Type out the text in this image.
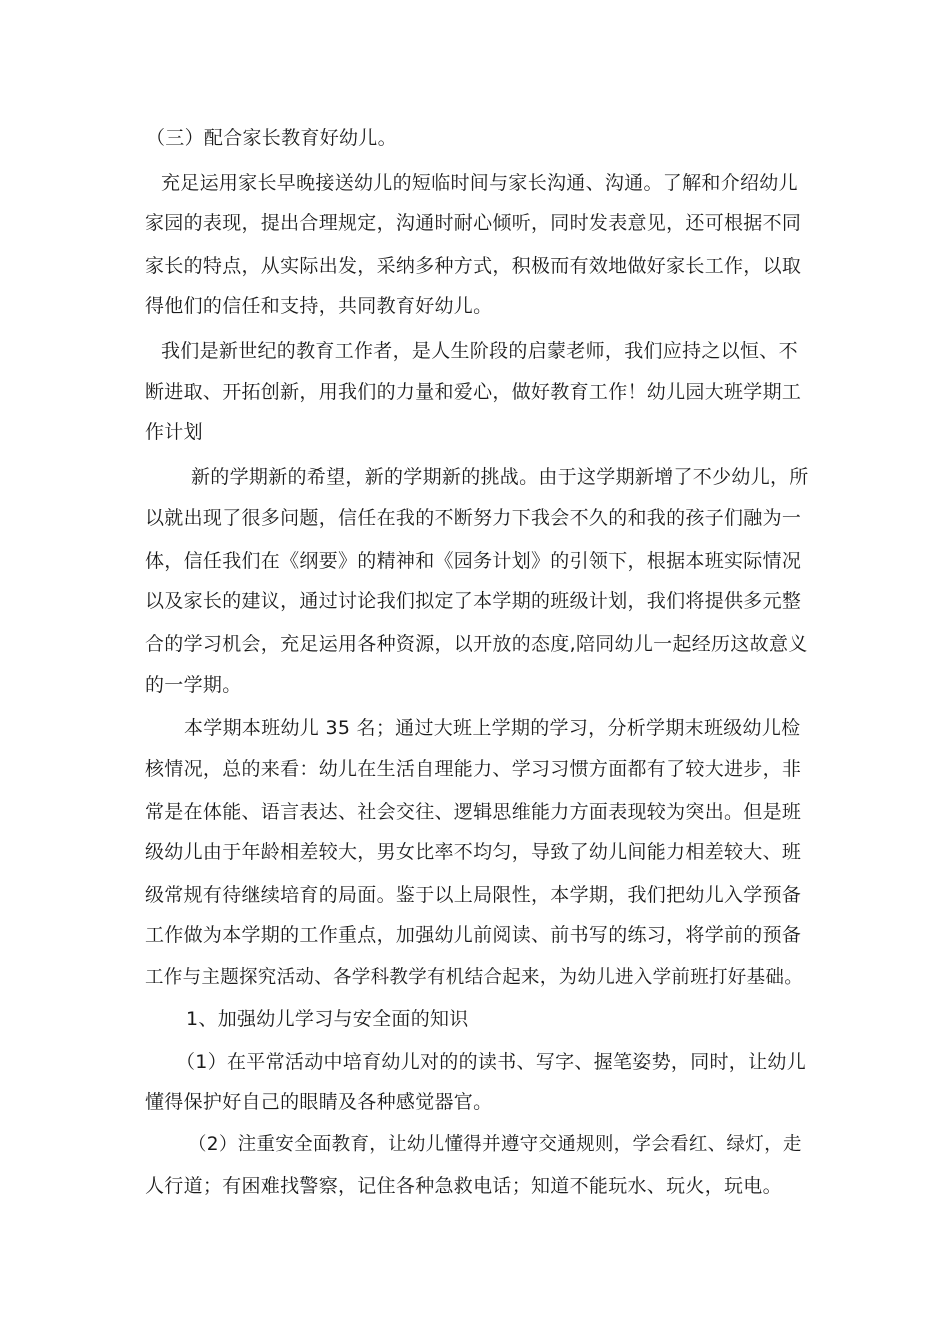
（三）配合家长教育好幼儿。
充足运用家长早晚接送幼儿的短临时间与家长沟通、沟通。了解和介绍幼儿
家园的表现，提出合理规定，沟通时耐心倾听，同时发表意见，还可根据不同
家长的特点，从实际出发，采纳多种方式，积极而有效地做好家长工作，以取
得他们的信任和支持，共同教育好幼儿。
我们是新世纪的教育工作者，是人生阶段的启蒙老师，我们应持之以恒、不
断进取、开拓创新，用我们的力量和爱心，做好教育工作！幼儿园大班学期工
作计划
新的学期新的希望，新的学期新的挑战。由于这学期新增了不少幼儿，所
以就出现了很多问题，信任在我的不断努力下我会不久的和我的孩子们融为一
体，信任我们在《纲要》的精神和《园务计划》的引领下，根据本班实际情况
以及家长的建议，通过讨论我们拟定了本学期的班级计划，我们将提供多元整
合的学习机会，充足运用各种资源，以开放的态度,陪同幼儿一起经历这故意义
的一学期。
本学期本班幼儿 35 名；通过大班上学期的学习，分析学期末班级幼儿检
核情况，总的来看：幼儿在生活自理能力、学习习惯方面都有了较大进步，非
常是在体能、语言表达、社会交往、逻辑思维能力方面表现较为突出。但是班
级幼儿由于年龄相差较大，男女比率不均匀，导致了幼儿间能力相差较大、班
级常规有待继续培育的局面。鉴于以上局限性，本学期，我们把幼儿入学预备
工作做为本学期的工作重点，加强幼儿前阅读、前书写的练习，将学前的预备
工作与主题探究活动、各学科教学有机结合起来，为幼儿进入学前班打好基础。
1、加强幼儿学习与安全面的知识
（1）在平常活动中培育幼儿对的的读书、写字、握笔姿势，同时，让幼儿
懂得保护好自己的眼睛及各种感觉器官。
（2）注重安全面教育，让幼儿懂得并遵守交通规则，学会看红、绿灯，走
人行道；有困难找警察，记住各种急救电话；知道不能玩水、玩火，玩电。
